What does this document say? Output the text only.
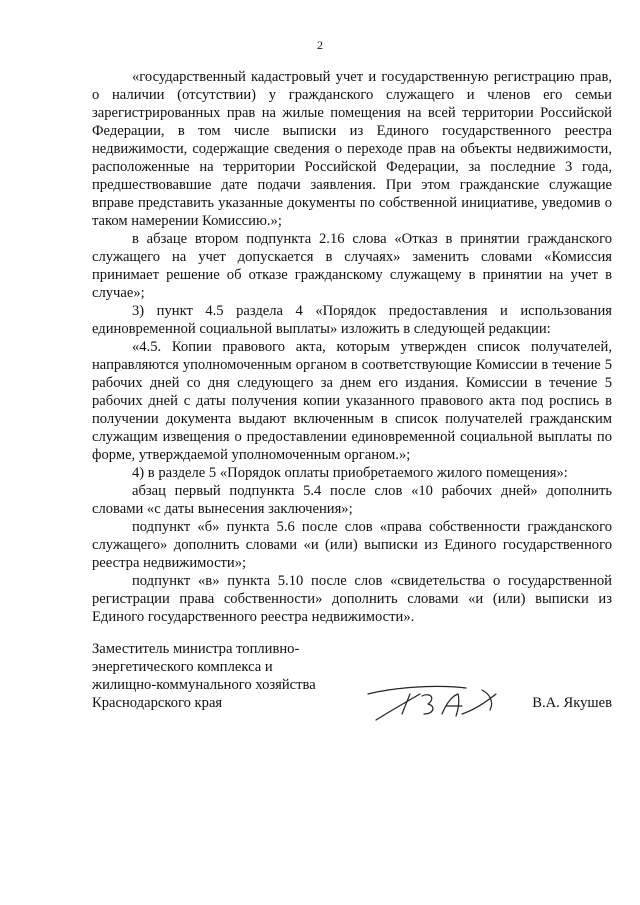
2

«государственный кадастровый учет и государственную регистрацию прав, о наличии (отсутствии) у гражданского служащего и членов его семьи зарегистрированных прав на жилые помещения на всей территории Российской Федерации, в том числе выписки из Единого государственного реестра недвижимости, содержащие сведения о переходе прав на объекты недвижимости, расположенные на территории Российской Федерации, за последние 3 года, предшествовавшие дате подачи заявления. При этом гражданские служащие вправе представить указанные документы по собственной инициативе, уведомив о таком намерении Комиссию.»;

в абзаце втором подпункта 2.16 слова «Отказ в принятии гражданского служащего на учет допускается в случаях» заменить словами «Комиссия принимает решение об отказе гражданскому служащему в принятии на учет в случае»;

3) пункт 4.5 раздела 4 «Порядок предоставления и использования единовременной социальной выплаты» изложить в следующей редакции:

«4.5. Копии правового акта, которым утвержден список получателей, направляются уполномоченным органом в соответствующие Комиссии в течение 5 рабочих дней со дня следующего за днем его издания. Комиссии в течение 5 рабочих дней с даты получения копии указанного правового акта под роспись в получении документа выдают включенным в список получателей гражданским служащим извещения о предоставлении единовременной социальной выплаты по форме, утверждаемой уполномоченным органом.»;

4) в разделе 5 «Порядок оплаты приобретаемого жилого помещения»:

абзац первый подпункта 5.4 после слов «10 рабочих дней» дополнить словами «с даты вынесения заключения»;

подпункт «б» пункта 5.6 после слов «права собственности гражданского служащего» дополнить словами «и (или) выписки из Единого государственного реестра недвижимости»;

подпункт «в» пункта 5.10 после слов «свидетельства о государственной регистрации права собственности» дополнить словами «и (или) выписки из Единого государственного реестра недвижимости».

Заместитель министра топливно-
энергетического комплекса и
жилищно-коммунального хозяйства
Краснодарского края	В.А. Якушев
